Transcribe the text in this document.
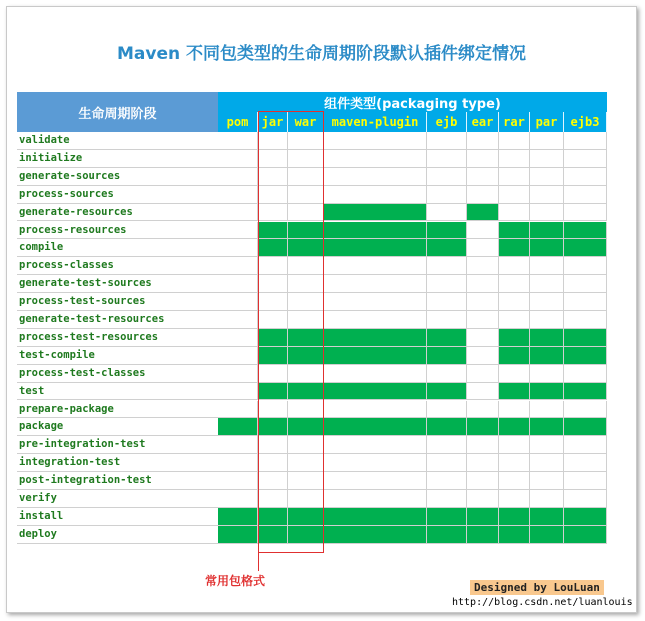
Maven 不同包类型的生命周期阶段默认插件绑定情况
生命周期阶段
组件类型(packaging type)
pom	jar war	maven-plugin	ejb	ear rar par	ejb3
validate
initialize
generate-sources
process-sources
generate-resources
process-resources
compile
process-classes
generate-test-sources
process-test-sources
generate-test-resources
process-test-resources
test-compile
process-test-classes
test
prepare-package
package
pre-integration-test
integration-test
post-integration-test
verify
install
deploy
常用包格式	Designed by LouLuan
http://blog.csdn.net/luanlouis
